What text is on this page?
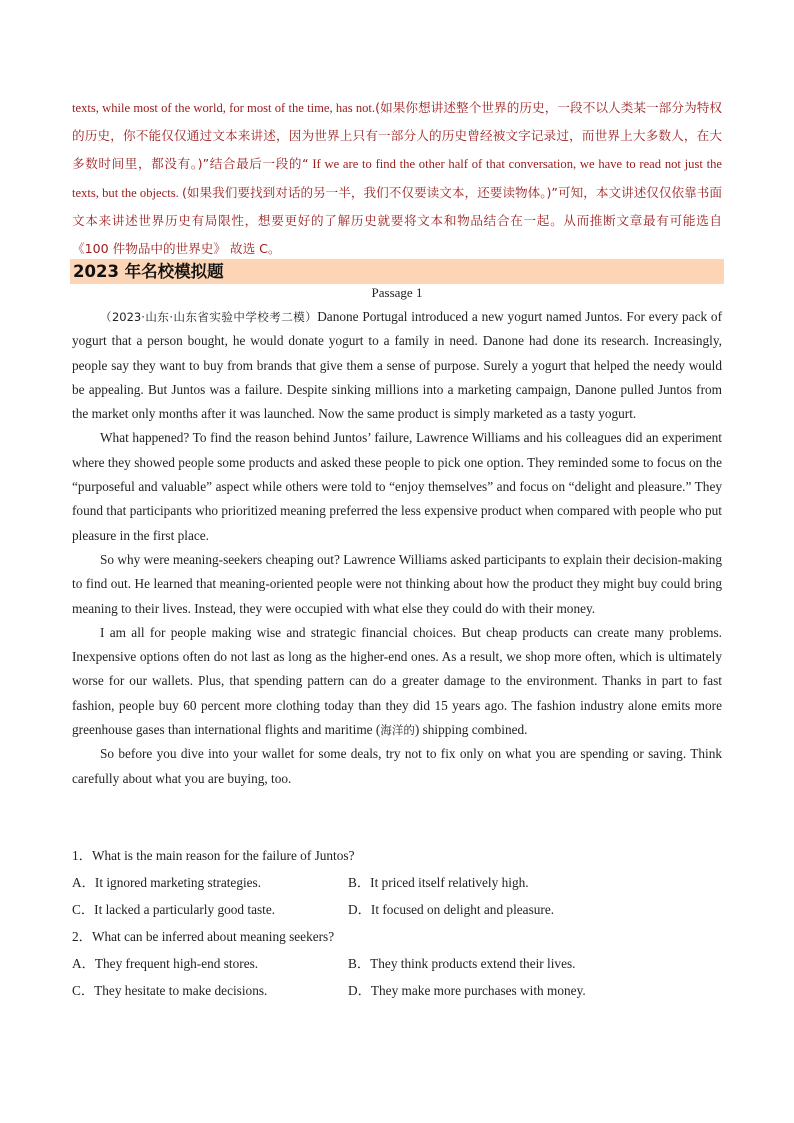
texts, while most of the world, for most of the time, has not.(如果你想讲述整个世界的历史，一段不以人类某一部分为特权的历史，你不能仅仅通过文本来讲述，因为世界上只有一部分人的历史曾经被文字记录过，而世界上大多数人，在大多数时间里，都没有。)”结合最后一段的“ If we are to find the other half of that conversation, we have to read not just the texts, but the objects. (如果我们要找到对话的另一半，我们不仅要读文本，还要读物体。)”可知，本文讲述仅仅依靠书面文本来讲述世界历史有局限性，想要更好的了解历史就要将文本和物品结合在一起。从而推断文章最有可能选自《100 件物品中的世界史》 故选 C。
2023 年名校模拟题
Passage 1

（2023·山东·山东省实验中学校考二模）Danone Portugal introduced a new yogurt named Juntos. For every pack of yogurt that a person bought, he would donate yogurt to a family in need. Danone had done its research. Increasingly, people say they want to buy from brands that give them a sense of purpose. Surely a yogurt that helped the needy would be appealing. But Juntos was a failure. Despite sinking millions into a marketing campaign, Danone pulled Juntos from the market only months after it was launched. Now the same product is simply marketed as a tasty yogurt.

What happened? To find the reason behind Juntos’ failure, Lawrence Williams and his colleagues did an experiment where they showed people some products and asked these people to pick one option. They reminded some to focus on the “purposeful and valuable” aspect while others were told to “enjoy themselves” and focus on “delight and pleasure.” They found that participants who prioritized meaning preferred the less expensive product when compared with people who put pleasure in the first place.

So why were meaning-seekers cheaping out? Lawrence Williams asked participants to explain their decision-making to find out. He learned that meaning-oriented people were not thinking about how the product they might buy could bring meaning to their lives. Instead, they were occupied with what else they could do with their money.

I am all for people making wise and strategic financial choices. But cheap products can create many problems. Inexpensive options often do not last as long as the higher-end ones. As a result, we shop more often, which is ultimately worse for our wallets. Plus, that spending pattern can do a greater damage to the environment. Thanks in part to fast fashion, people buy 60 percent more clothing today than they did 15 years ago. The fashion industry alone emits more greenhouse gases than international flights and maritime (海洋的) shipping combined.

So before you dive into your wallet for some deals, try not to fix only on what you are spending or saving. Think carefully about what you are buying, too.

1．What is the main reason for the failure of Juntos?
A．It ignored marketing strategies.	B．It priced itself relatively high.
C．It lacked a particularly good taste.	D．It focused on delight and pleasure.
2．What can be inferred about meaning seekers?
A．They frequent high-end stores.	B．They think products extend their lives.
C．They hesitate to make decisions.	D．They make more purchases with money.
